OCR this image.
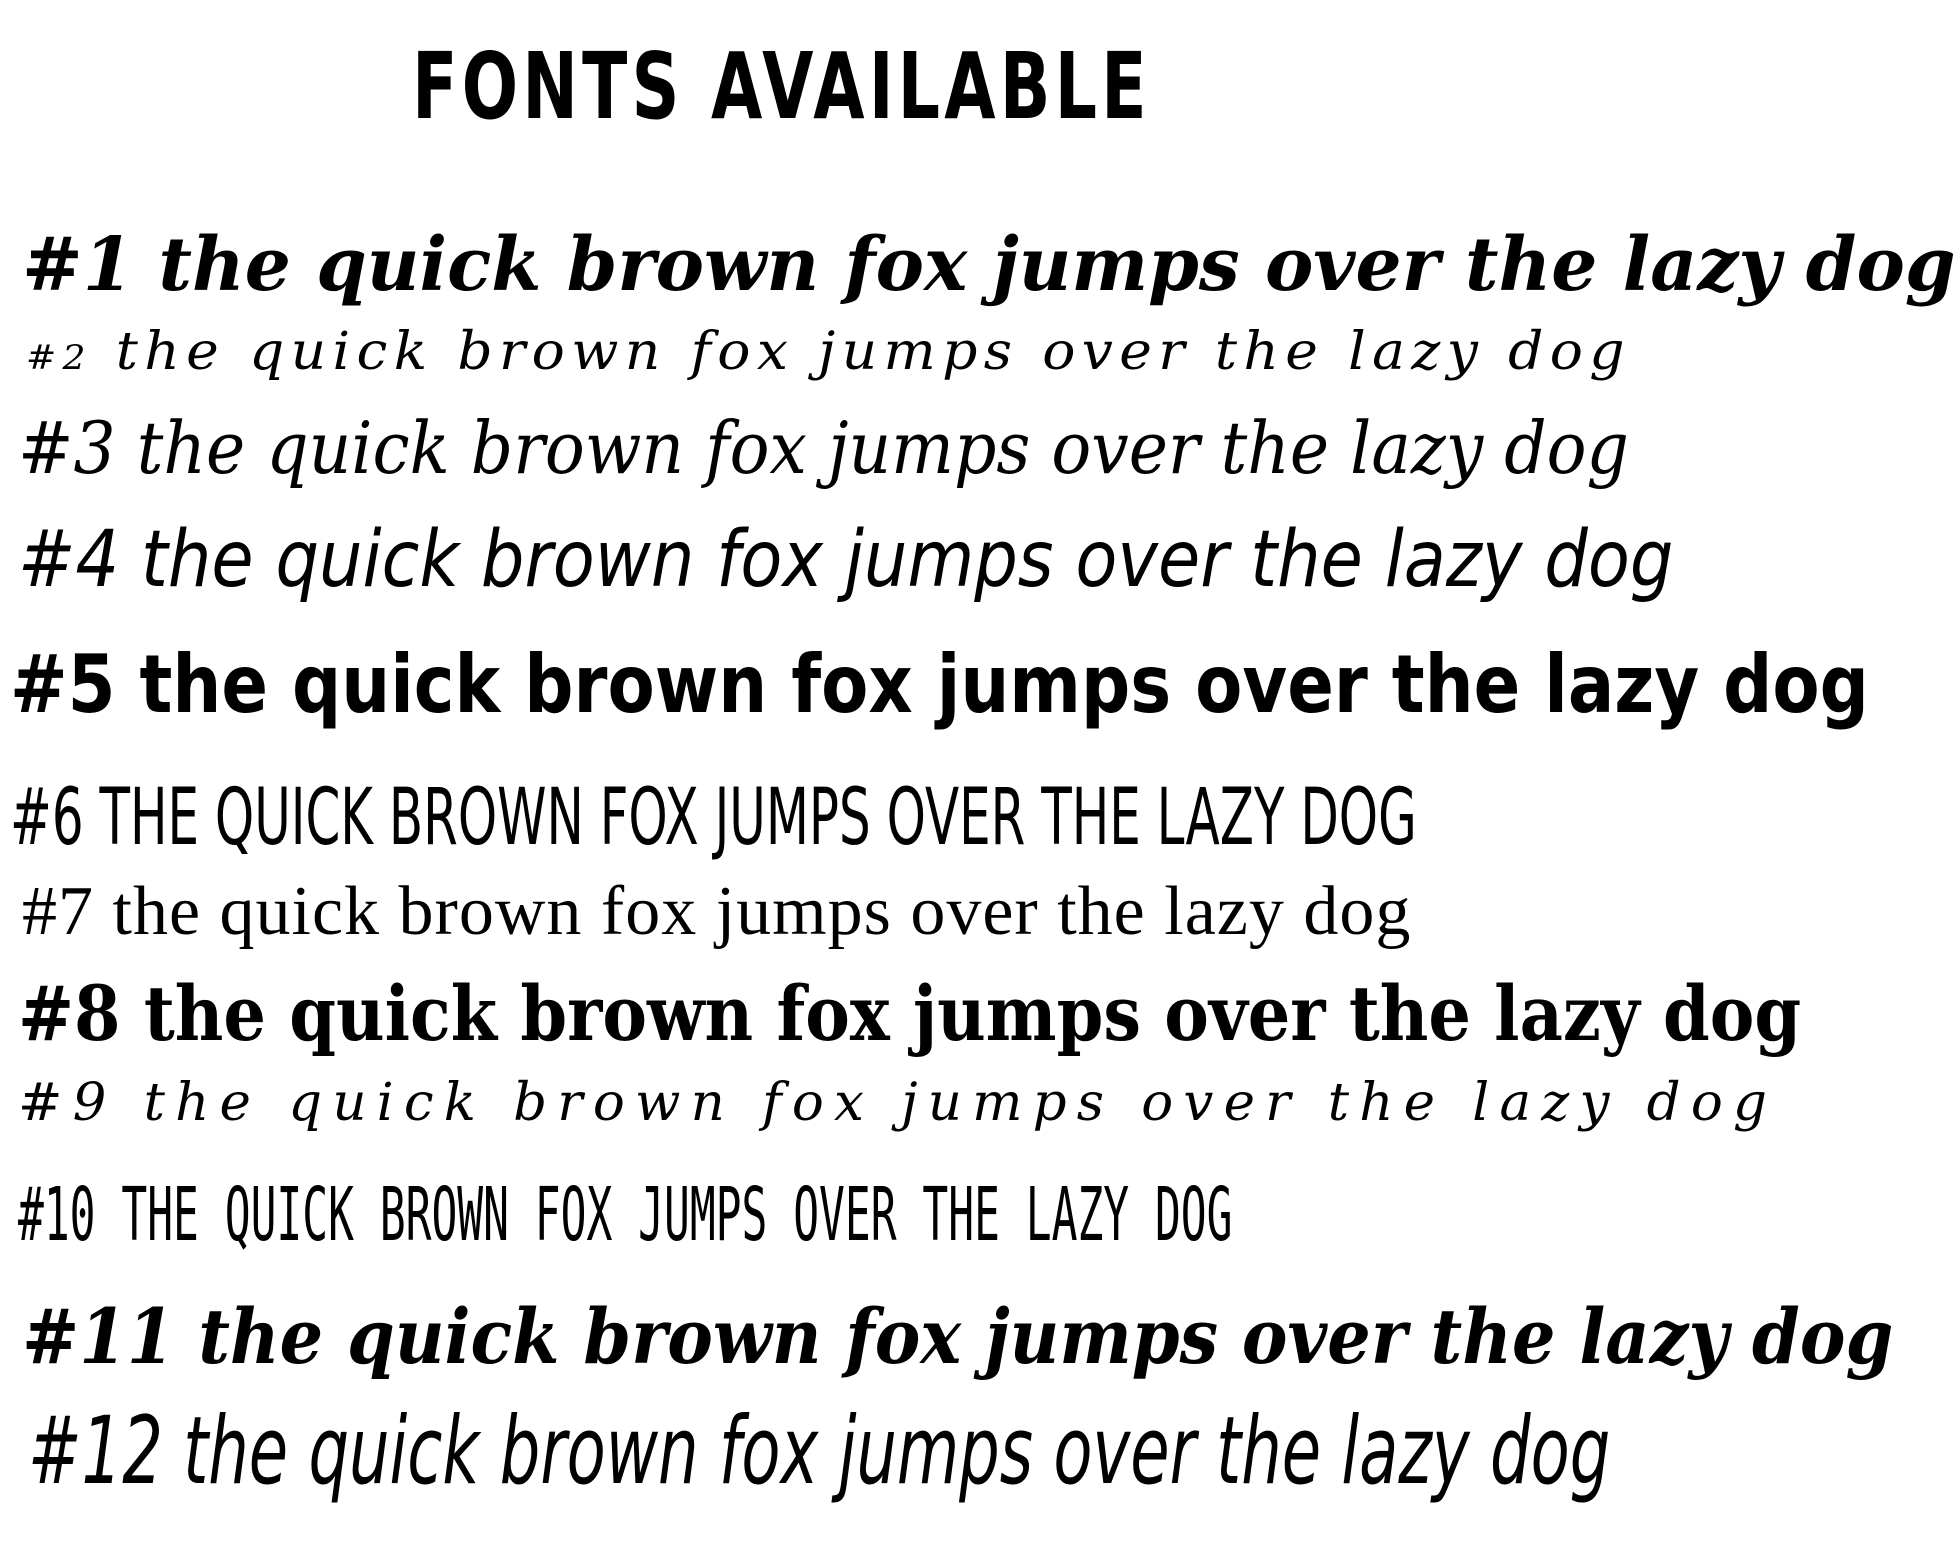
FONTS AVAILABLE
#1 the quick brown fox jumps over the lazy dog
#2 the quick brown fox jumps over the lazy dog
#3 the quick brown fox jumps over the lazy dog
#4 the quick brown fox jumps over the lazy dog
#5 the quick brown fox jumps over the lazy dog
#6 THE QUICK BROWN FOX JUMPS OVER THE LAZY DOG
#7 the quick brown fox jumps over the lazy dog
#8 the quick brown fox jumps over the lazy dog
#9 the quick brown fox jumps over the lazy dog
#10 THE QUICK BROWN FOX JUMPS OVER THE LAZY DOG
#11 the quick brown fox jumps over the lazy dog
#12 the quick brown fox jumps over the lazy dog
